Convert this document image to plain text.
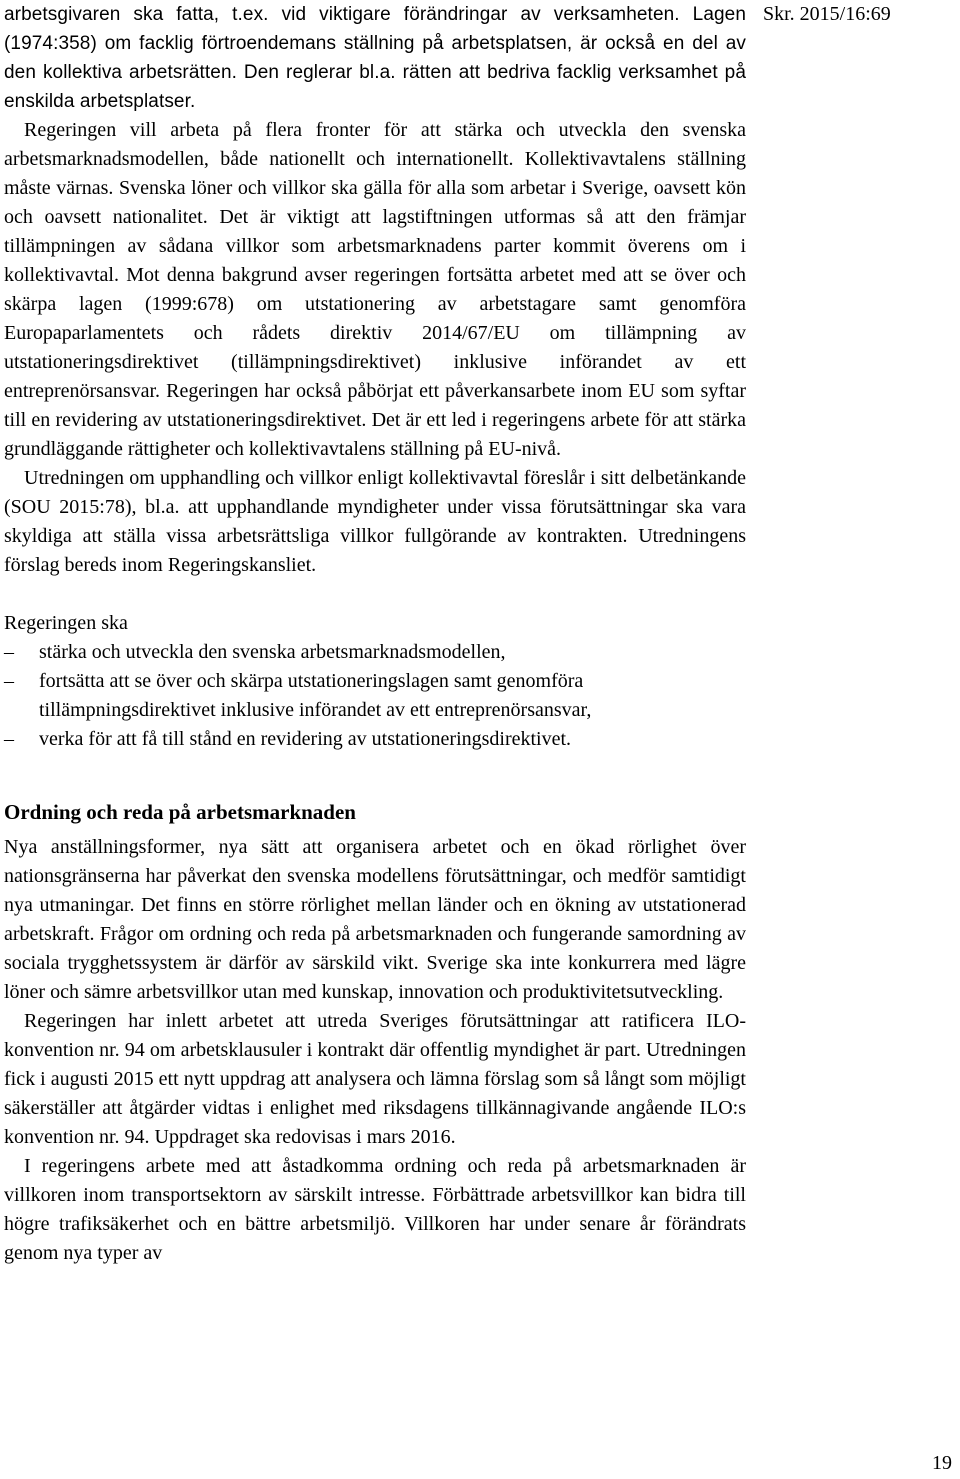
Skr. 2015/16:69

arbetsgivaren ska fatta, t.ex. vid viktigare förändringar av verksamheten. Lagen (1974:358) om facklig förtroendemans ställning på arbetsplatsen, är också en del av den kollektiva arbetsrätten. Den reglerar bl.a. rätten att bedriva facklig verksamhet på enskilda arbetsplatser.

Regeringen vill arbeta på flera fronter för att stärka och utveckla den svenska arbetsmarknadsmodellen, både nationellt och internationellt. Kollektivavtalens ställning måste värnas. Svenska löner och villkor ska gälla för alla som arbetar i Sverige, oavsett kön och oavsett nationalitet. Det är viktigt att lagstiftningen utformas så att den främjar tillämpningen av sådana villkor som arbetsmarknadens parter kommit överens om i kollektivavtal. Mot denna bakgrund avser regeringen fortsätta arbetet med att se över och skärpa lagen (1999:678) om utstationering av arbetstagare samt genomföra Europaparlamentets och rådets direktiv 2014/67/EU om tillämpning av utstationeringsdirektivet (tillämpningsdirektivet) inklusive införandet av ett entreprenörsansvar. Regeringen har också påbörjat ett påverkansarbete inom EU som syftar till en revidering av utstationeringsdirektivet. Det är ett led i regeringens arbete för att stärka grundläggande rättigheter och kollektivavtalens ställning på EU-nivå.

Utredningen om upphandling och villkor enligt kollektivavtal föreslår i sitt delbetänkande (SOU 2015:78), bl.a. att upphandlande myndigheter under vissa förutsättningar ska vara skyldiga att ställa vissa arbetsrättsliga villkor fullgörande av kontrakten. Utredningens förslag bereds inom Regeringskansliet.

Regeringen ska

– stärka och utveckla den svenska arbetsmarknadsmodellen,
– fortsätta att se över och skärpa utstationeringslagen samt genomföra tillämpningsdirektivet inklusive införandet av ett entreprenörsansvar,
– verka för att få till stånd en revidering av utstationeringsdirektivet.
Ordning och reda på arbetsmarknaden

Nya anställningsformer, nya sätt att organisera arbetet och en ökad rörlighet över nationsgränserna har påverkat den svenska modellens förutsättningar, och medför samtidigt nya utmaningar. Det finns en större rörlighet mellan länder och en ökning av utstationerad arbetskraft. Frågor om ordning och reda på arbetsmarknaden och fungerande samordning av sociala trygghetssystem är därför av särskild vikt. Sverige ska inte konkurrera med lägre löner och sämre arbetsvillkor utan med kunskap, innovation och produktivitetsutveckling.

Regeringen har inlett arbetet att utreda Sveriges förutsättningar att ratificera ILO-konvention nr. 94 om arbetsklausuler i kontrakt där offentlig myndighet är part. Utredningen fick i augusti 2015 ett nytt uppdrag att analysera och lämna förslag som så långt som möjligt säkerställer att åtgärder vidtas i enlighet med riksdagens tillkännagivande angående ILO:s konvention nr. 94. Uppdraget ska redovisas i mars 2016.

I regeringens arbete med att åstadkomma ordning och reda på arbetsmarknaden är villkoren inom transportsektorn av särskilt intresse. Förbättrade arbetsvillkor kan bidra till högre trafiksäkerhet och en bättre arbetsmiljö. Villkoren har under senare år förändrats genom nya typer av

19
